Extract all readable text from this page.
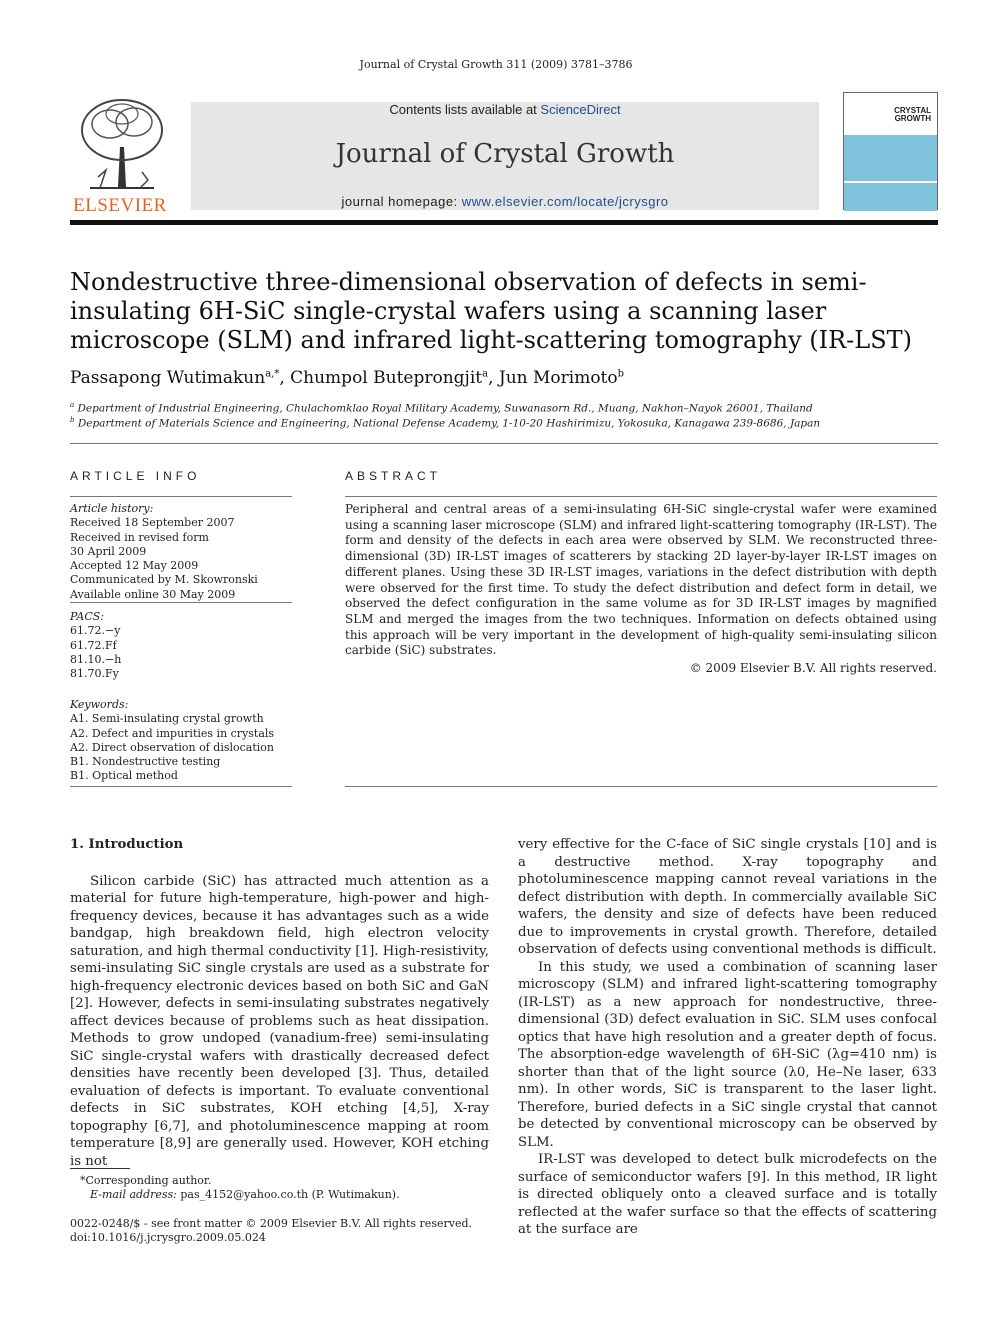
Journal of Crystal Growth 311 (2009) 3781–3786
ELSEVIER
Contents lists available at ScienceDirect
Journal of Crystal Growth
journal homepage: www.elsevier.com/locate/jcrysgro
CRYSTAL
GROWTH
Nondestructive three-dimensional observation of defects in semi-insulating 6H-SiC single-crystal wafers using a scanning laser microscope (SLM) and infrared light-scattering tomography (IR-LST)
Passapong Wutimakun$^{a,*}$, Chumpol Buteprongjit$^a$, Jun Morimoto$^b$
$^a$ Department of Industrial Engineering, Chulachomklao Royal Military Academy, Suwanasorn Rd., Muang, Nakhon–Nayok 26001, Thailand
$^b$ Department of Materials Science and Engineering, National Defense Academy, 1-10-20 Hashirimizu, Yokosuka, Kanagawa 239-8686, Japan
ARTICLE INFO	ABSTRACT
Article history:
Received 18 September 2007
Received in revised form
30 April 2009
Accepted 12 May 2009
Communicated by M. Skowronski
Available online 30 May 2009
PACS:
61.72.−y
61.72.Ff
81.10.−h
81.70.Fy
Keywords:
A1. Semi-insulating crystal growth
A2. Defect and impurities in crystals
A2. Direct observation of dislocation
B1. Nondestructive testing
B1. Optical method
Peripheral and central areas of a semi-insulating 6H-SiC single-crystal wafer were examined using a scanning laser microscope (SLM) and infrared light-scattering tomography (IR-LST). The form and density of the defects in each area were observed by SLM. We reconstructed three-dimensional (3D) IR-LST images of scatterers by stacking 2D layer-by-layer IR-LST images on different planes. Using these 3D IR-LST images, variations in the defect distribution with depth were observed for the first time. To study the defect distribution and defect form in detail, we observed the defect configuration in the same volume as for 3D IR-LST images by magnified SLM and merged the images from the two techniques. Information on defects obtained using this approach will be very important in the development of high-quality semi-insulating silicon carbide (SiC) substrates.
© 2009 Elsevier B.V. All rights reserved.

1. Introduction

Silicon carbide (SiC) has attracted much attention as a material for future high-temperature, high-power and high-frequency devices, because it has advantages such as a wide bandgap, high breakdown field, high electron velocity saturation, and high thermal conductivity [1]. High-resistivity, semi-insulating SiC single crystals are used as a substrate for high-frequency electronic devices based on both SiC and GaN [2]. However, defects in semi-insulating substrates negatively affect devices because of problems such as heat dissipation. Methods to grow undoped (vanadium-free) semi-insulating SiC single-crystal wafers with drastically decreased defect densities have recently been developed [3]. Thus, detailed evaluation of defects is important. To evaluate conventional defects in SiC substrates, KOH etching [4,5], X-ray topography [6,7], and photoluminescence mapping at room temperature [8,9] are generally used. However, KOH etching is not

very effective for the C-face of SiC single crystals [10] and is a destructive method. X-ray topography and photoluminescence mapping cannot reveal variations in the defect distribution with depth. In commercially available SiC wafers, the density and size of defects have been reduced due to improvements in crystal growth. Therefore, detailed observation of defects using conventional methods is difficult.

In this study, we used a combination of scanning laser microscopy (SLM) and infrared light-scattering tomography (IR-LST) as a new approach for nondestructive, three-dimensional (3D) defect evaluation in SiC. SLM uses confocal optics that have high resolution and a greater depth of focus. The absorption-edge wavelength of 6H-SiC (λg=410 nm) is shorter than that of the light source (λ0, He–Ne laser, 633 nm). In other words, SiC is transparent to the laser light. Therefore, buried defects in a SiC single crystal that cannot be detected by conventional microscopy can be observed by SLM.

IR-LST was developed to detect bulk microdefects on the surface of semiconductor wafers [9]. In this method, IR light is directed obliquely onto a cleaved surface and is totally reflected at the wafer surface so that the effects of scattering at the surface are

*Corresponding author.
E-mail address: pas_4152@yahoo.co.th (P. Wutimakun).
0022-0248/$ - see front matter © 2009 Elsevier B.V. All rights reserved.
doi:10.1016/j.jcrysgro.2009.05.024
